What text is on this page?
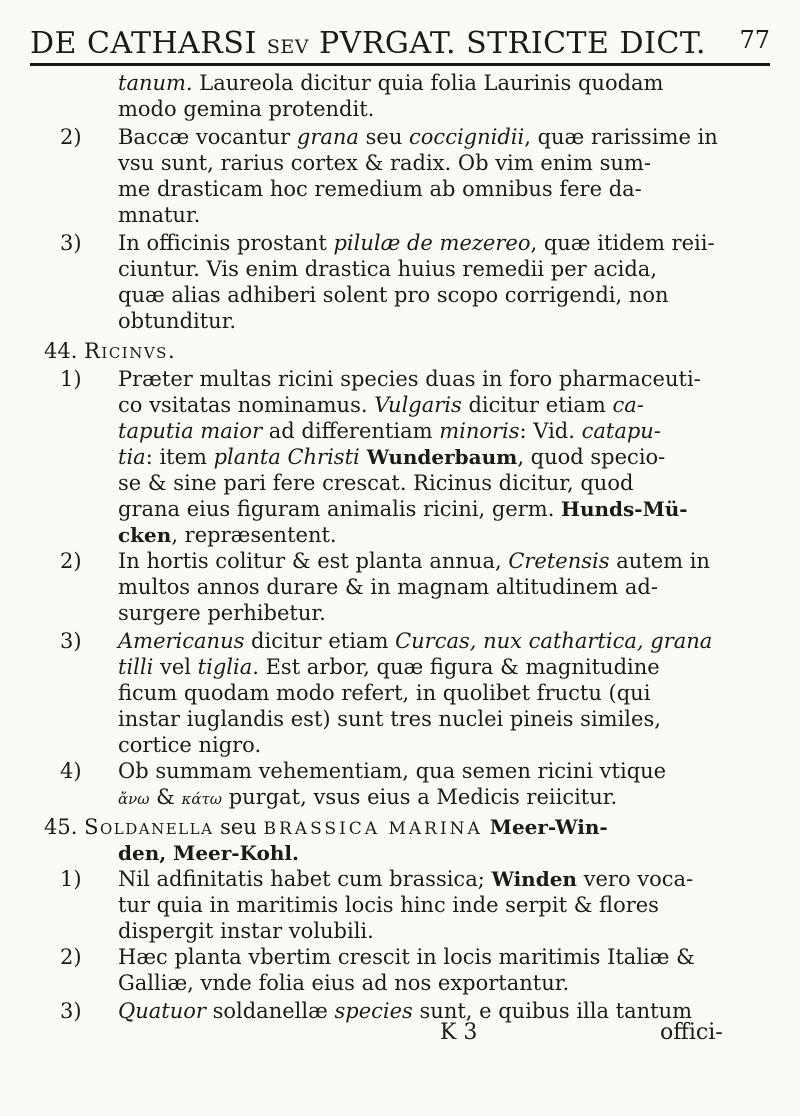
DE CATHARSI SEV PVRGAT. STRICTE DICT. 77
tanum. Laureola dicitur quia folia Laurinis quodam
modo gemina protendit.
2) Baccæ vocantur grana seu coccignidii, quæ rarissime in
vsu sunt, rarius cortex & radix. Ob vim enim sum-
me drasticam hoc remedium ab omnibus fere da-
mnatur.
3) In officinis prostant pilulæ de mezereo, quæ itidem reii-
ciuntur. Vis enim drastica huius remedii per acida,
quæ alias adhiberi solent pro scopo corrigendi, non
obtunditur.
44. Ricinvs.
1) Præter multas ricini species duas in foro pharmaceuti-
co vsitatas nominamus. Vulgaris dicitur etiam ca-
taputia maior ad differentiam minoris: Vid. catapu-
tia: item planta Christi Wunderbaum, quod specio-
se & sine pari fere crescat. Ricinus dicitur, quod
grana eius figuram animalis ricini, germ. Hunds-Mü-
cken, repræsentent.
2) In hortis colitur & est planta annua, Cretensis autem in
multos annos durare & in magnam altitudinem ad-
surgere perhibetur.
3) Americanus dicitur etiam Curcas, nux cathartica, grana
tilli vel tiglia. Est arbor, quæ figura & magnitudine
ficum quodam modo refert, in quolibet fructu (qui
instar iuglandis est) sunt tres nuclei pineis similes,
cortice nigro.
4) Ob summam vehementiam, qua semen ricini vtique
ἄνω & κάτω purgat, vsus eius a Medicis reiicitur.
45. Soldanella seu BRASSICA MARINA Meer-Win-
den, Meer-Kohl.
1) Nil adfinitatis habet cum brassica; Winden vero voca-
tur quia in maritimis locis hinc inde serpit & flores
dispergit instar volubili.
2) Hæc planta vbertim crescit in locis maritimis Italiæ &
Galliæ, vnde folia eius ad nos exportantur.
3) Quatuor soldanellæ species sunt, e quibus illa tantum
K 3	offici-
